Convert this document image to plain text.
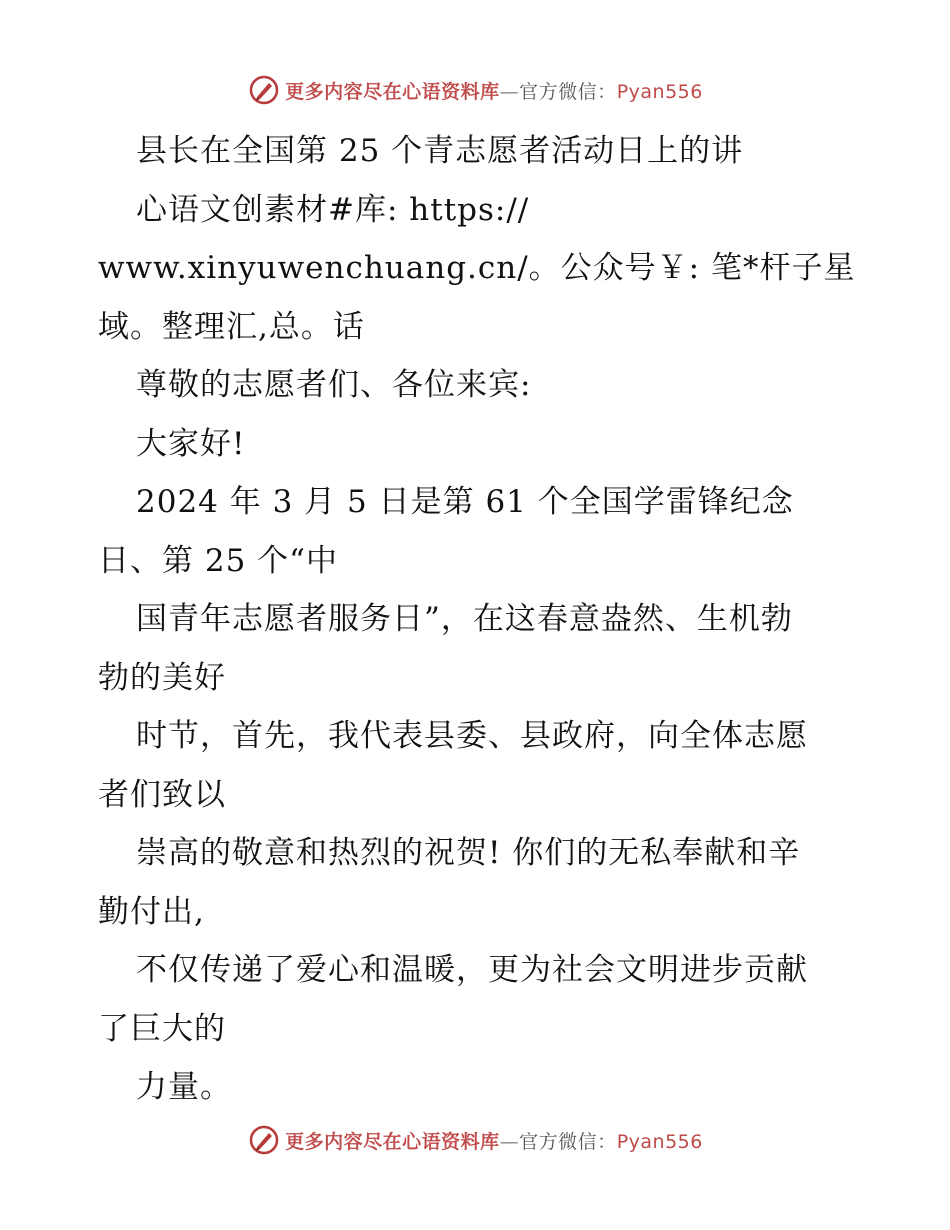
更多内容尽在心语资料库—官方微信：Pyan556
县长在全国第 25 个青志愿者活动日上的讲
心语文创素材#库: https://
www.xinyuwenchuang.cn/。公众号￥: 笔*杆子星
域。整理汇,总。话
尊敬的志愿者们、各位来宾:
大家好!
2024 年 3 月 5 日是第 61 个全国学雷锋纪念
日、第 25 个“中
国青年志愿者服务日”，在这春意盎然、生机勃
勃的美好
时节，首先，我代表县委、县政府，向全体志愿
者们致以
崇高的敬意和热烈的祝贺! 你们的无私奉献和辛
勤付出,
不仅传递了爱心和温暖，更为社会文明进步贡献
了巨大的
力量。
更多内容尽在心语资料库—官方微信：Pyan556
